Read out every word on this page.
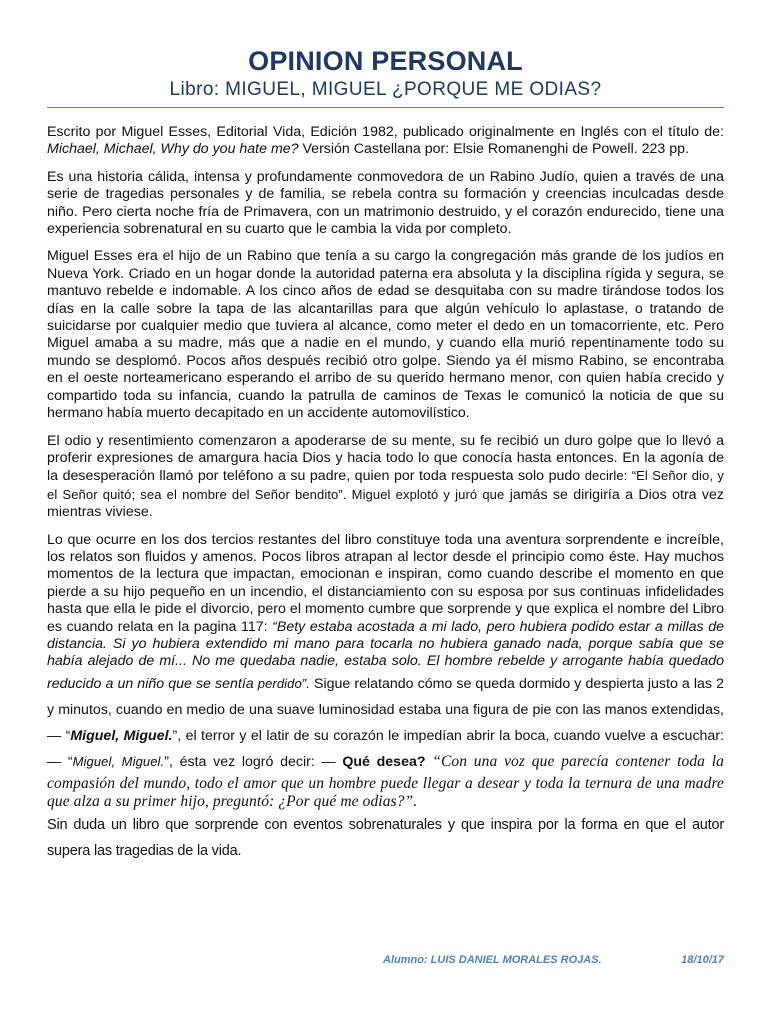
OPINION PERSONAL
Libro: MIGUEL, MIGUEL ¿PORQUE ME ODIAS?

Escrito por Miguel Esses, Editorial Vida, Edición 1982, publicado originalmente en Inglés con el título de: Michael, Michael, Why do you hate me? Versión Castellana por: Elsie Romanenghi de Powell. 223 pp.

Es una historia cálida, intensa y profundamente conmovedora de un Rabino Judío, quien a través de una serie de tragedias personales y de familia, se rebela contra su formación y creencias inculcadas desde niño. Pero cierta noche fría de Primavera, con un matrimonio destruido, y el corazón endurecido, tiene una experiencia sobrenatural en su cuarto que le cambia la vida por completo.

Miguel Esses era el hijo de un Rabino que tenía a su cargo la congregación más grande de los judíos en Nueva York. Criado en un hogar donde la autoridad paterna era absoluta y la disciplina rígida y segura, se mantuvo rebelde e indomable. A los cinco años de edad se desquitaba con su madre tirándose todos los días en la calle sobre la tapa de las alcantarillas para que algún vehículo lo aplastase, o tratando de suicidarse por cualquier medio que tuviera al alcance, como meter el dedo en un tomacorriente, etc. Pero Miguel amaba a su madre, más que a nadie en el mundo, y cuando ella murió repentinamente todo su mundo se desplomó. Pocos años después recibió otro golpe. Siendo ya él mismo Rabino, se encontraba en el oeste norteamericano esperando el arribo de su querido hermano menor, con quien había crecido y compartido toda su infancia, cuando la patrulla de caminos de Texas le comunicó la noticia de que su hermano había muerto decapitado en un accidente automovilístico.

El odio y resentimiento comenzaron a apoderarse de su mente, su fe recibió un duro golpe que lo llevó a proferir expresiones de amargura hacia Dios y hacia todo lo que conocía hasta entonces. En la agonía de la desesperación llamó por teléfono a su padre, quien por toda respuesta solo pudo decirle: “El Señor dio, y el Señor quitó; sea el nombre del Señor bendito”. Miguel explotó y juró que jamás se dirigiría a Dios otra vez mientras viviese.

Lo que ocurre en los dos tercios restantes del libro constituye toda una aventura sorprendente e increíble, los relatos son fluidos y amenos. Pocos libros atrapan al lector desde el principio como éste. Hay muchos momentos de la lectura que impactan, emocionan e inspiran, como cuando describe el momento en que pierde a su hijo pequeño en un incendio, el distanciamiento con su esposa por sus continuas infidelidades hasta que ella le pide el divorcio, pero el momento cumbre que sorprende y que explica el nombre del Libro es cuando relata en la pagina 117: “Bety estaba acostada a mi lado, pero hubiera podido estar a millas de distancia. Si yo hubiera extendido mi mano para tocarla no hubiera ganado nada, porque sabía que se había alejado de mí... No me quedaba nadie, estaba solo. El hombre rebelde y arrogante había quedado reducido a un niño que se sentía perdido”. Sigue relatando cómo se queda dormido y despierta justo a las 2 y minutos, cuando en medio de una suave luminosidad estaba una figura de pie con las manos extendidas, — “Miguel, Miguel.”, el terror y el latir de su corazón le impedían abrir la boca, cuando vuelve a escuchar: — “Miguel, Miguel.”, ésta vez logró decir: — Qué desea? “Con una voz que parecía contener toda la compasión del mundo, todo el amor que un hombre puede llegar a desear y toda la ternura de una madre que alza a su primer hijo, preguntó: ¿Por qué me odias?”.

Sin duda un libro que sorprende con eventos sobrenaturales y que inspira por la forma en que el autor supera las tragedias de la vida.

Alumno: LUIS DANIEL MORALES ROJAS.	18/10/17
